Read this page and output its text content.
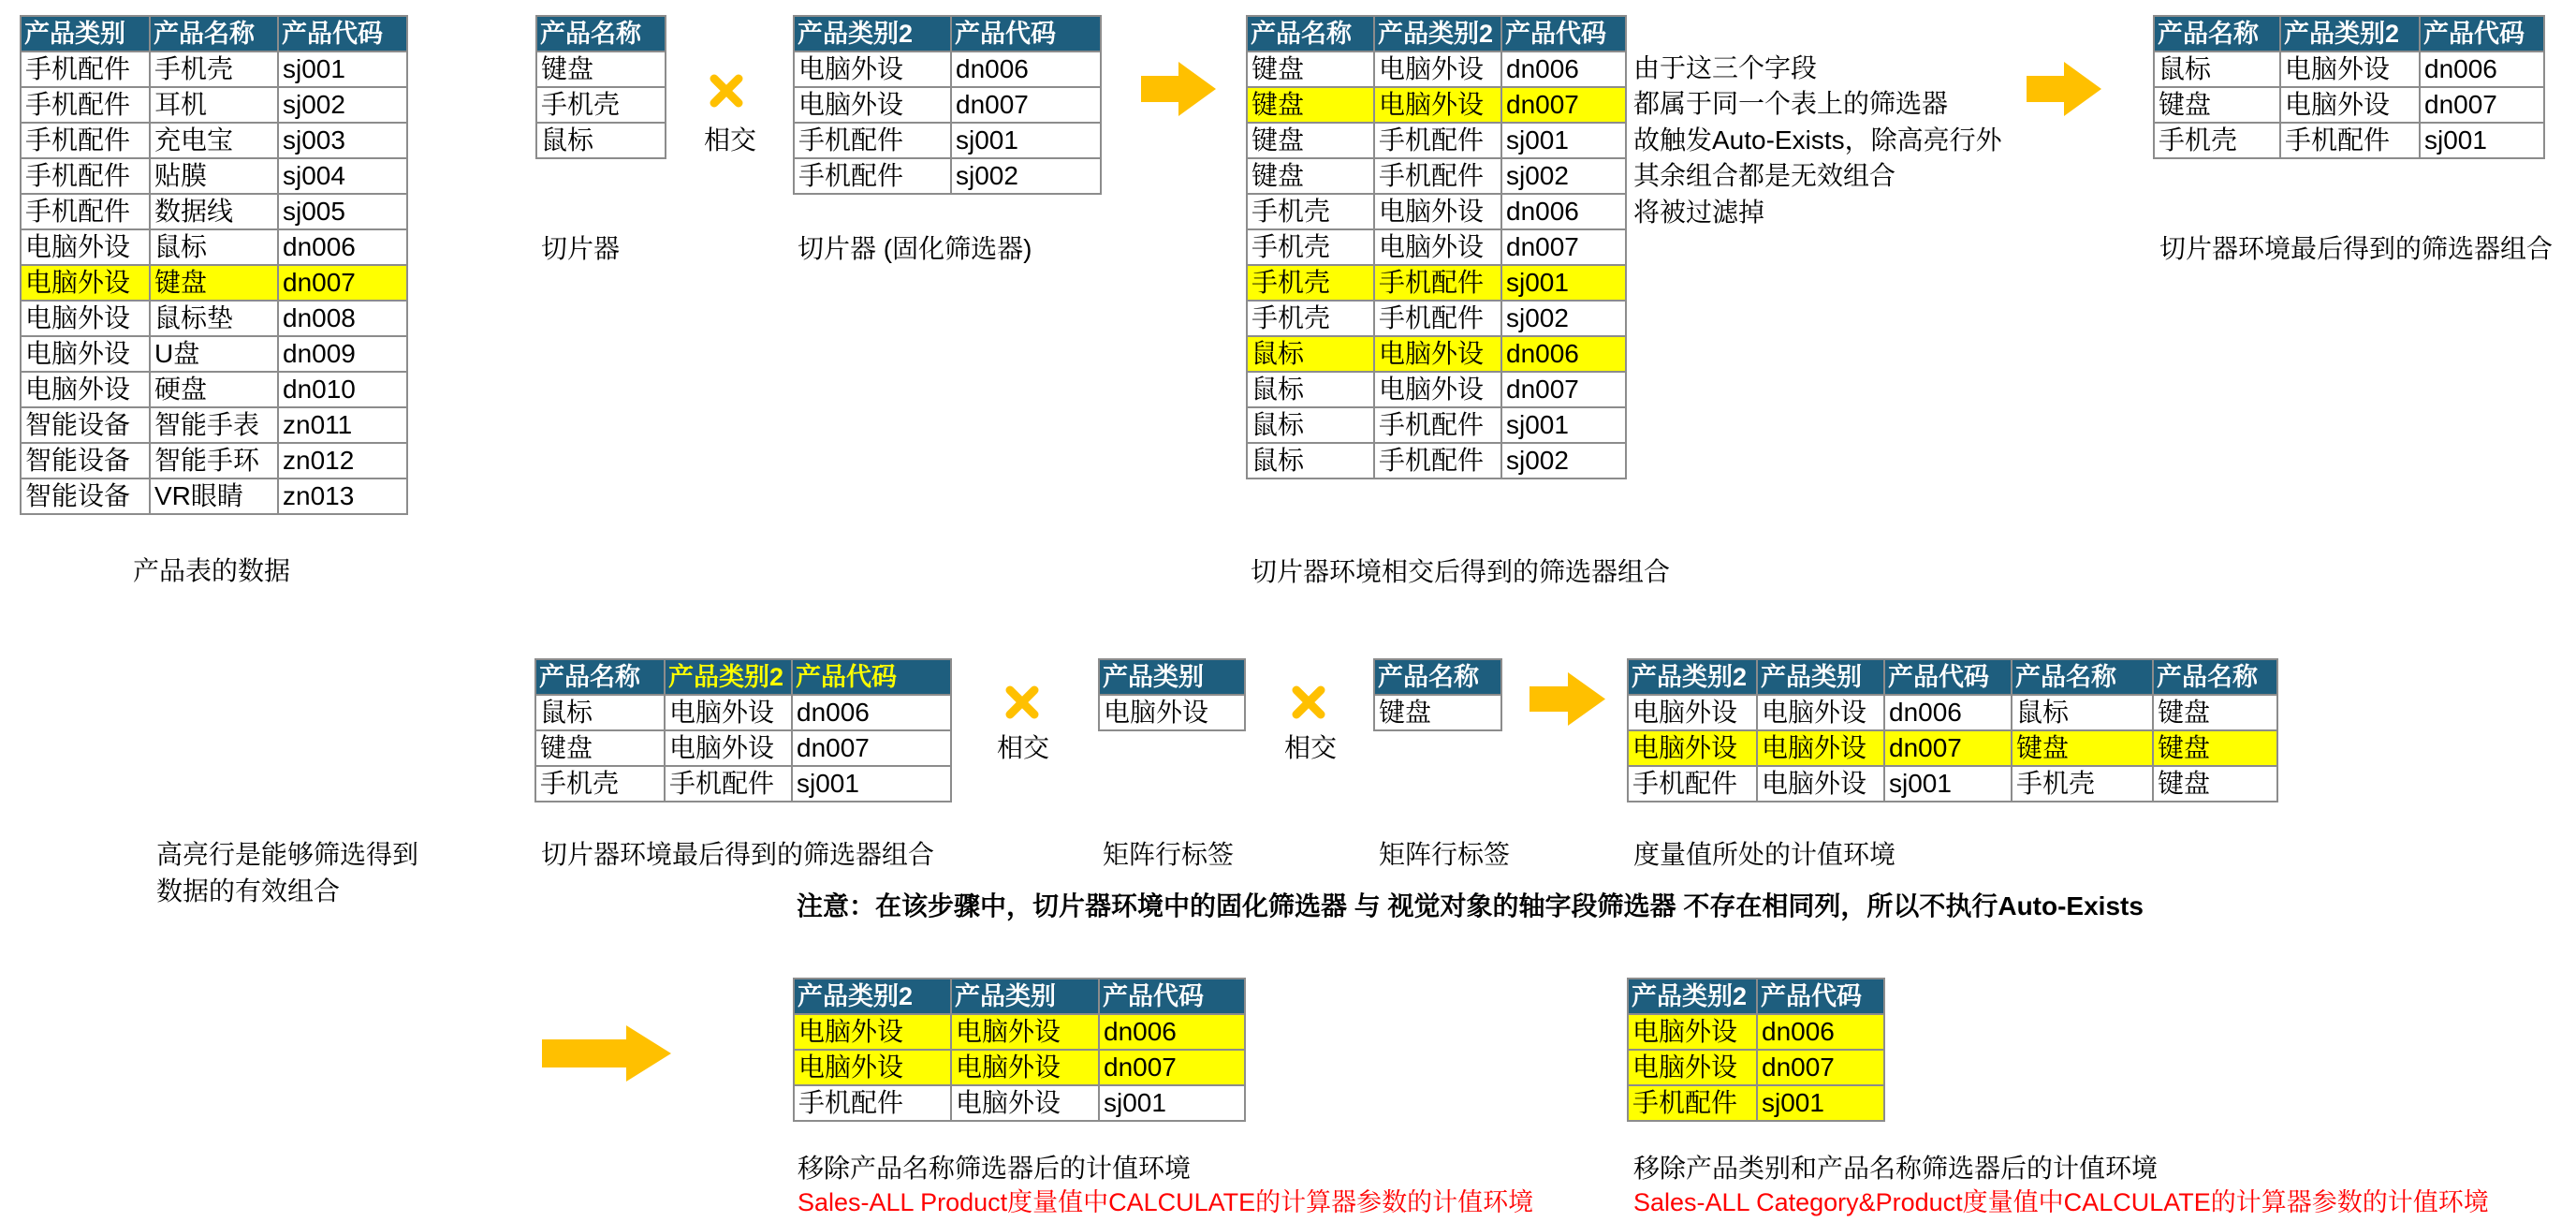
产品类别	产品名称	产品代码
手机配件	手机壳	sj001
手机配件	耳机	sj002
手机配件	充电宝	sj003
手机配件	贴膜	sj004
手机配件	数据线	sj005
电脑外设	鼠标	dn006
电脑外设	键盘	dn007
电脑外设	鼠标垫	dn008
电脑外设	U盘	dn009
电脑外设	硬盘	dn010
智能设备	智能手表	zn011
智能设备	智能手环	zn012
智能设备	VR眼睛	zn013
产品表的数据
产品名称
键盘
手机壳
鼠标
切片器
相交
产品类别2	产品代码
电脑外设	dn006
电脑外设	dn007
手机配件	sj001
手机配件	sj002
切片器 (固化筛选器)
产品名称	产品类别2	产品代码
键盘	电脑外设	dn006
键盘	电脑外设	dn007
键盘	手机配件	sj001
键盘	手机配件	sj002
手机壳	电脑外设	dn006
手机壳	电脑外设	dn007
手机壳	手机配件	sj001
手机壳	手机配件	sj002
鼠标	电脑外设	dn006
鼠标	电脑外设	dn007
鼠标	手机配件	sj001
鼠标	手机配件	sj002
切片器环境相交后得到的筛选器组合
由于这三个字段
都属于同一个表上的筛选器
故触发Auto-Exists，除高亮行外
其余组合都是无效组合
将被过滤掉
产品名称	产品类别2	产品代码
鼠标	电脑外设	dn006
键盘	电脑外设	dn007
手机壳	手机配件	sj001
切片器环境最后得到的筛选器组合
高亮行是能够筛选得到
数据的有效组合
产品名称	产品类别2	产品代码
鼠标	电脑外设	dn006
键盘	电脑外设	dn007
手机壳	手机配件	sj001
切片器环境最后得到的筛选器组合
相交
产品类别
电脑外设
矩阵行标签
相交
产品名称
键盘
矩阵行标签
产品类别2	产品类别	产品代码	产品名称	产品名称
电脑外设	电脑外设	dn006	鼠标	键盘
电脑外设	电脑外设	dn007	键盘	键盘
手机配件	电脑外设	sj001	手机壳	键盘
度量值所处的计值环境
注意：在该步骤中，切片器环境中的固化筛选器 与 视觉对象的轴字段筛选器 不存在相同列，所以不执行Auto-Exists
产品类别2	产品类别	产品代码
电脑外设	电脑外设	dn006
电脑外设	电脑外设	dn007
手机配件	电脑外设	sj001
移除产品名称筛选器后的计值环境
Sales-ALL Product度量值中CALCULATE的计算器参数的计值环境
产品类别2	产品代码
电脑外设	dn006
电脑外设	dn007
手机配件	sj001
移除产品类别和产品名称筛选器后的计值环境
Sales-ALL Category&Product度量值中CALCULATE的计算器参数的计值环境
